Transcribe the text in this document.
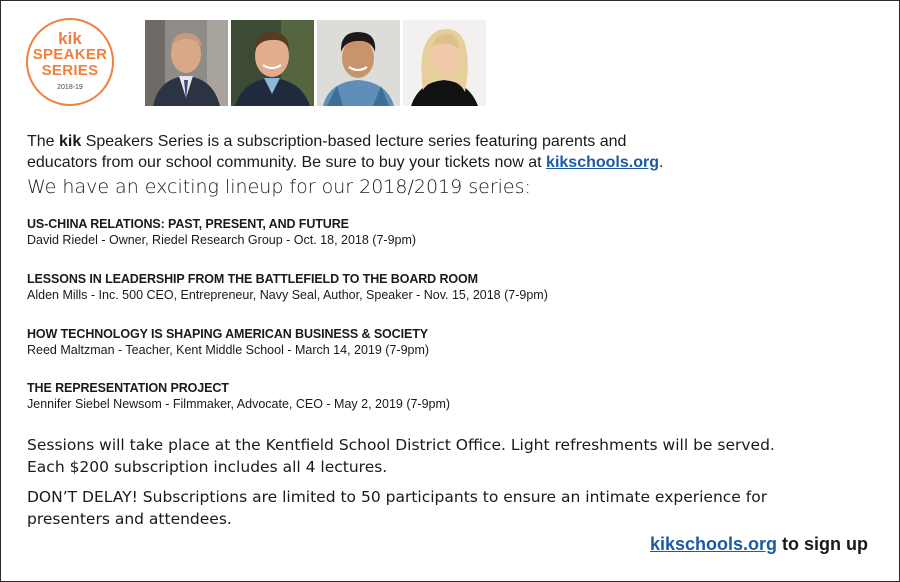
kik
SPEAKER
SERIES
2018-19
The kik Speakers Series is a subscription-based lecture series featuring parents and
educators from our school community. Be sure to buy your tickets now at kikschools.org.
We have an exciting lineup for our 2018/2019 series:
US-CHINA RELATIONS: PAST, PRESENT, AND FUTURE
David Riedel - Owner, Riedel Research Group - Oct. 18, 2018 (7-9pm)
LESSONS IN LEADERSHIP FROM THE BATTLEFIELD TO THE BOARD ROOM
Alden Mills - Inc. 500 CEO, Entrepreneur, Navy Seal, Author, Speaker - Nov. 15, 2018 (7-9pm)
HOW TECHNOLOGY IS SHAPING AMERICAN BUSINESS & SOCIETY
Reed Maltzman - Teacher, Kent Middle School - March 14, 2019 (7-9pm)
THE REPRESENTATION PROJECT
Jennifer Siebel Newsom - Filmmaker, Advocate, CEO - May 2, 2019 (7-9pm)
Sessions will take place at the Kentfield School District Office. Light refreshments will be served.
Each $200 subscription includes all 4 lectures.
DON’T DELAY! Subscriptions are limited to 50 participants to ensure an intimate experience for
presenters and attendees.
kikschools.org to sign up
